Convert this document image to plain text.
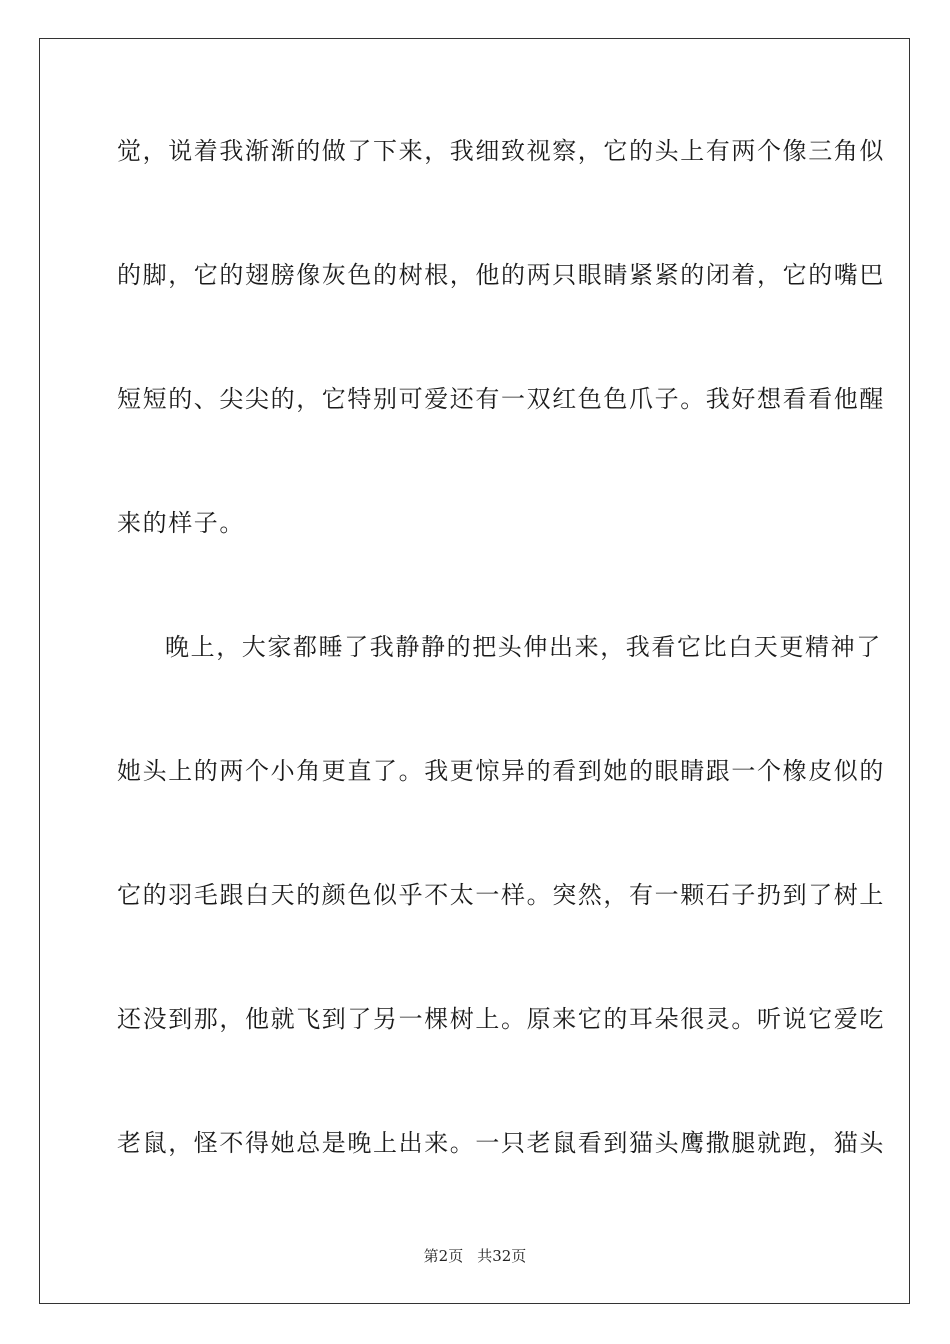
觉，说着我渐渐的做了下来，我细致视察，它的头上有两个像三角似
的脚，它的翅膀像灰色的树根，他的两只眼睛紧紧的闭着，它的嘴巴
短短的、尖尖的，它特别可爱还有一双红色色爪子。我好想看看他醒
来的样子。
晚上，大家都睡了我静静的把头伸出来，我看它比白天更精神了
她头上的两个小角更直了。我更惊异的看到她的眼睛跟一个橡皮似的
它的羽毛跟白天的颜色似乎不太一样。突然，有一颗石子扔到了树上
还没到那，他就飞到了另一棵树上。原来它的耳朵很灵。听说它爱吃
老鼠，怪不得她总是晚上出来。一只老鼠看到猫头鹰撒腿就跑，猫头
第2页 共32页
